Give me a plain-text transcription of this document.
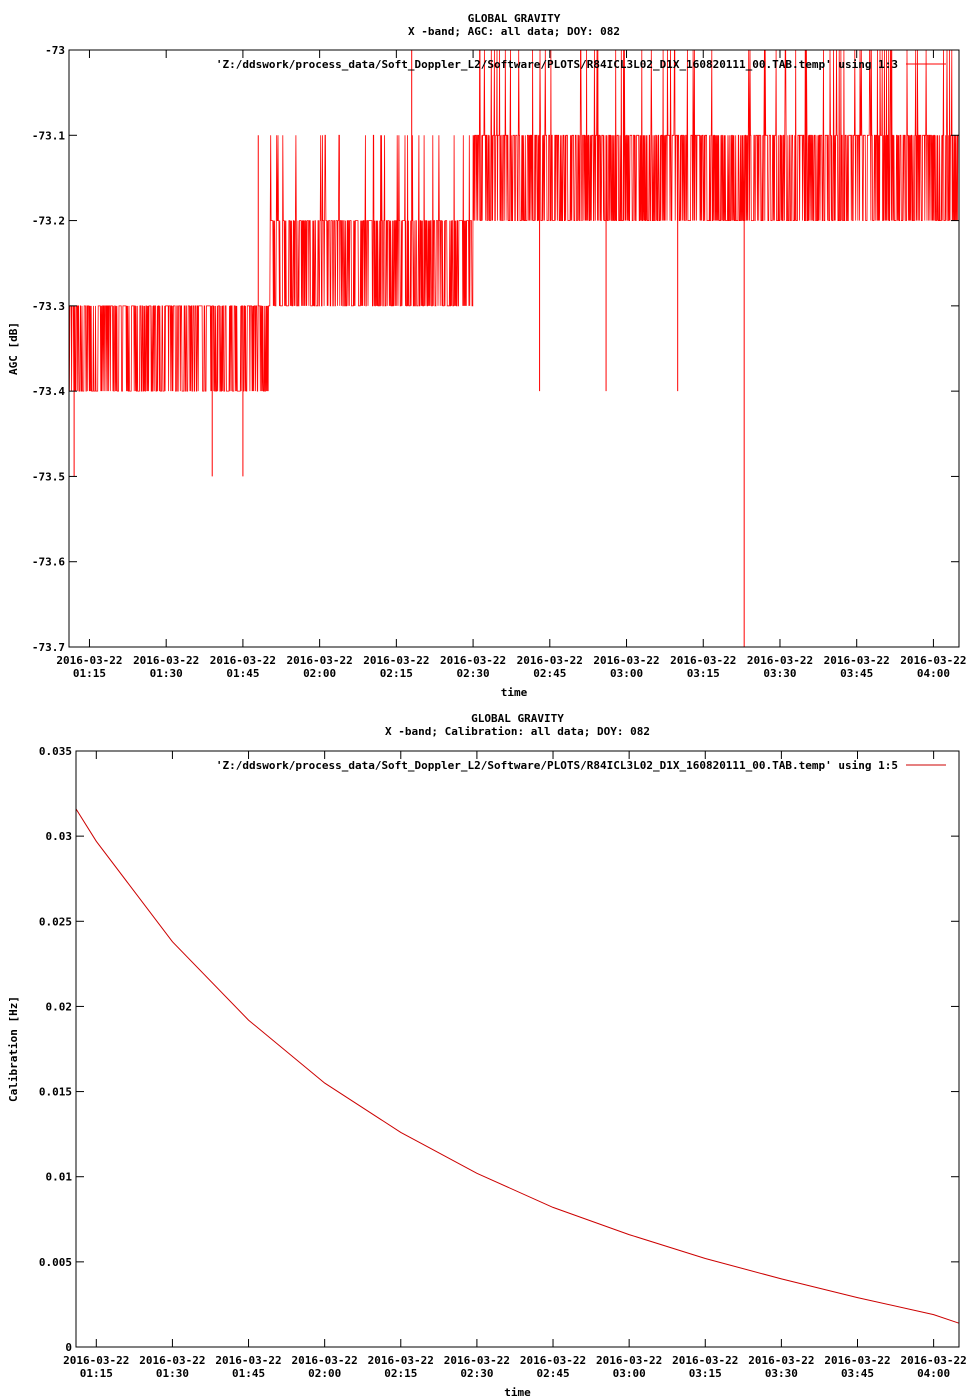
GLOBAL GRAVITY
X -band; AGC: all data; DOY: 082
-73
-73.1
-73.2
-73.3
-73.4
-73.5
-73.6
-73.7
2016-03-22
01:15
2016-03-22
01:30
2016-03-22
01:45
2016-03-22
02:00
2016-03-22
02:15
2016-03-22
02:30
2016-03-22
02:45
2016-03-22
03:00
2016-03-22
03:15
2016-03-22
03:30
2016-03-22
03:45
2016-03-22
04:00
time
AGC [dB]
'Z:/ddswork/process_data/Soft_Doppler_L2/Software/PLOTS/R84ICL3L02_D1X_160820111_00.TAB.temp' using 1:3
GLOBAL GRAVITY
X -band; Calibration: all data; DOY: 082
0
0.005
0.01
0.015
0.02
0.025
0.03
0.035
2016-03-22
01:15
2016-03-22
01:30
2016-03-22
01:45
2016-03-22
02:00
2016-03-22
02:15
2016-03-22
02:30
2016-03-22
02:45
2016-03-22
03:00
2016-03-22
03:15
2016-03-22
03:30
2016-03-22
03:45
2016-03-22
04:00
time
Calibration [Hz]
'Z:/ddswork/process_data/Soft_Doppler_L2/Software/PLOTS/R84ICL3L02_D1X_160820111_00.TAB.temp' using 1:5
